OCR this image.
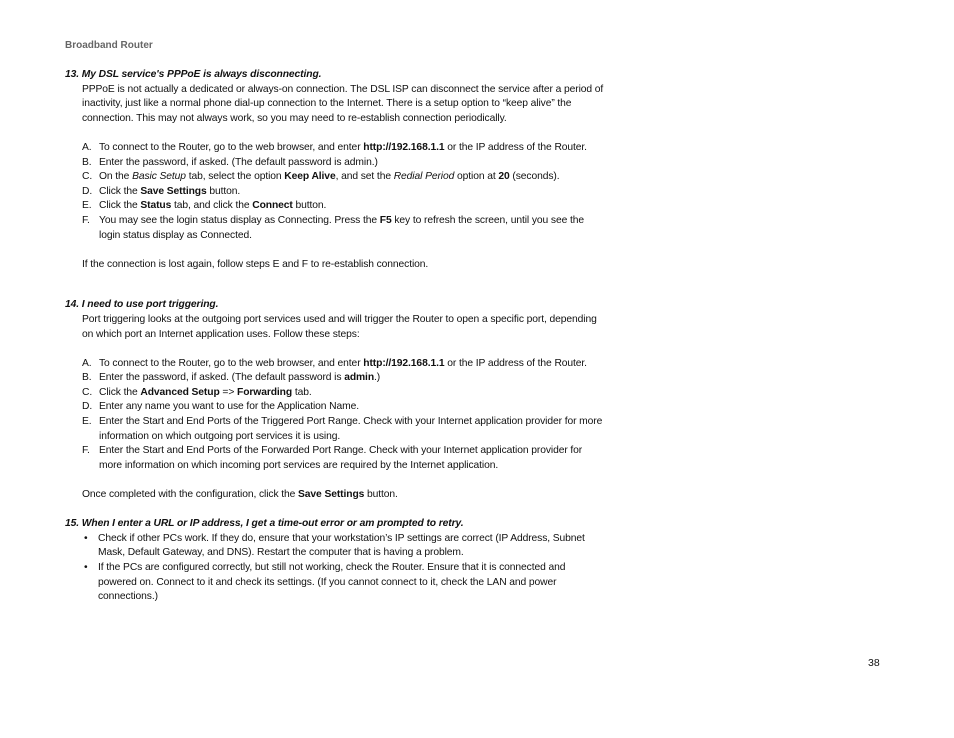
Broadband Router

13. My DSL service's PPPoE is always disconnecting.

PPPoE is not actually a dedicated or always-on connection. The DSL ISP can disconnect the service after a period of inactivity, just like a normal phone dial-up connection to the Internet. There is a setup option to “keep alive” the connection. This may not always work, so you may need to re-establish connection periodically.

A. To connect to the Router, go to the web browser, and enter http://192.168.1.1 or the IP address of the Router.
B. Enter the password, if asked. (The default password is admin.)
C. On the Basic Setup tab, select the option Keep Alive, and set the Redial Period option at 20 (seconds).
D. Click the Save Settings button.
E. Click the Status tab, and click the Connect button.
F. You may see the login status display as Connecting. Press the F5 key to refresh the screen, until you see the login status display as Connected.

If the connection is lost again, follow steps E and F to re-establish connection.

14. I need to use port triggering.

Port triggering looks at the outgoing port services used and will trigger the Router to open a specific port, depending on which port an Internet application uses. Follow these steps:

A. To connect to the Router, go to the web browser, and enter http://192.168.1.1 or the IP address of the Router.
B. Enter the password, if asked. (The default password is admin.)
C. Click the Advanced Setup => Forwarding tab.
D. Enter any name you want to use for the Application Name.
E. Enter the Start and End Ports of the Triggered Port Range. Check with your Internet application provider for more information on which outgoing port services it is using.
F. Enter the Start and End Ports of the Forwarded Port Range. Check with your Internet application provider for more information on which incoming port services are required by the Internet application.

Once completed with the configuration, click the Save Settings button.

15. When I enter a URL or IP address, I get a time-out error or am prompted to retry.

• Check if other PCs work. If they do, ensure that your workstation’s IP settings are correct (IP Address, Subnet Mask, Default Gateway, and DNS). Restart the computer that is having a problem.
• If the PCs are configured correctly, but still not working, check the Router. Ensure that it is connected and powered on. Connect to it and check its settings. (If you cannot connect to it, check the LAN and power connections.)
38
